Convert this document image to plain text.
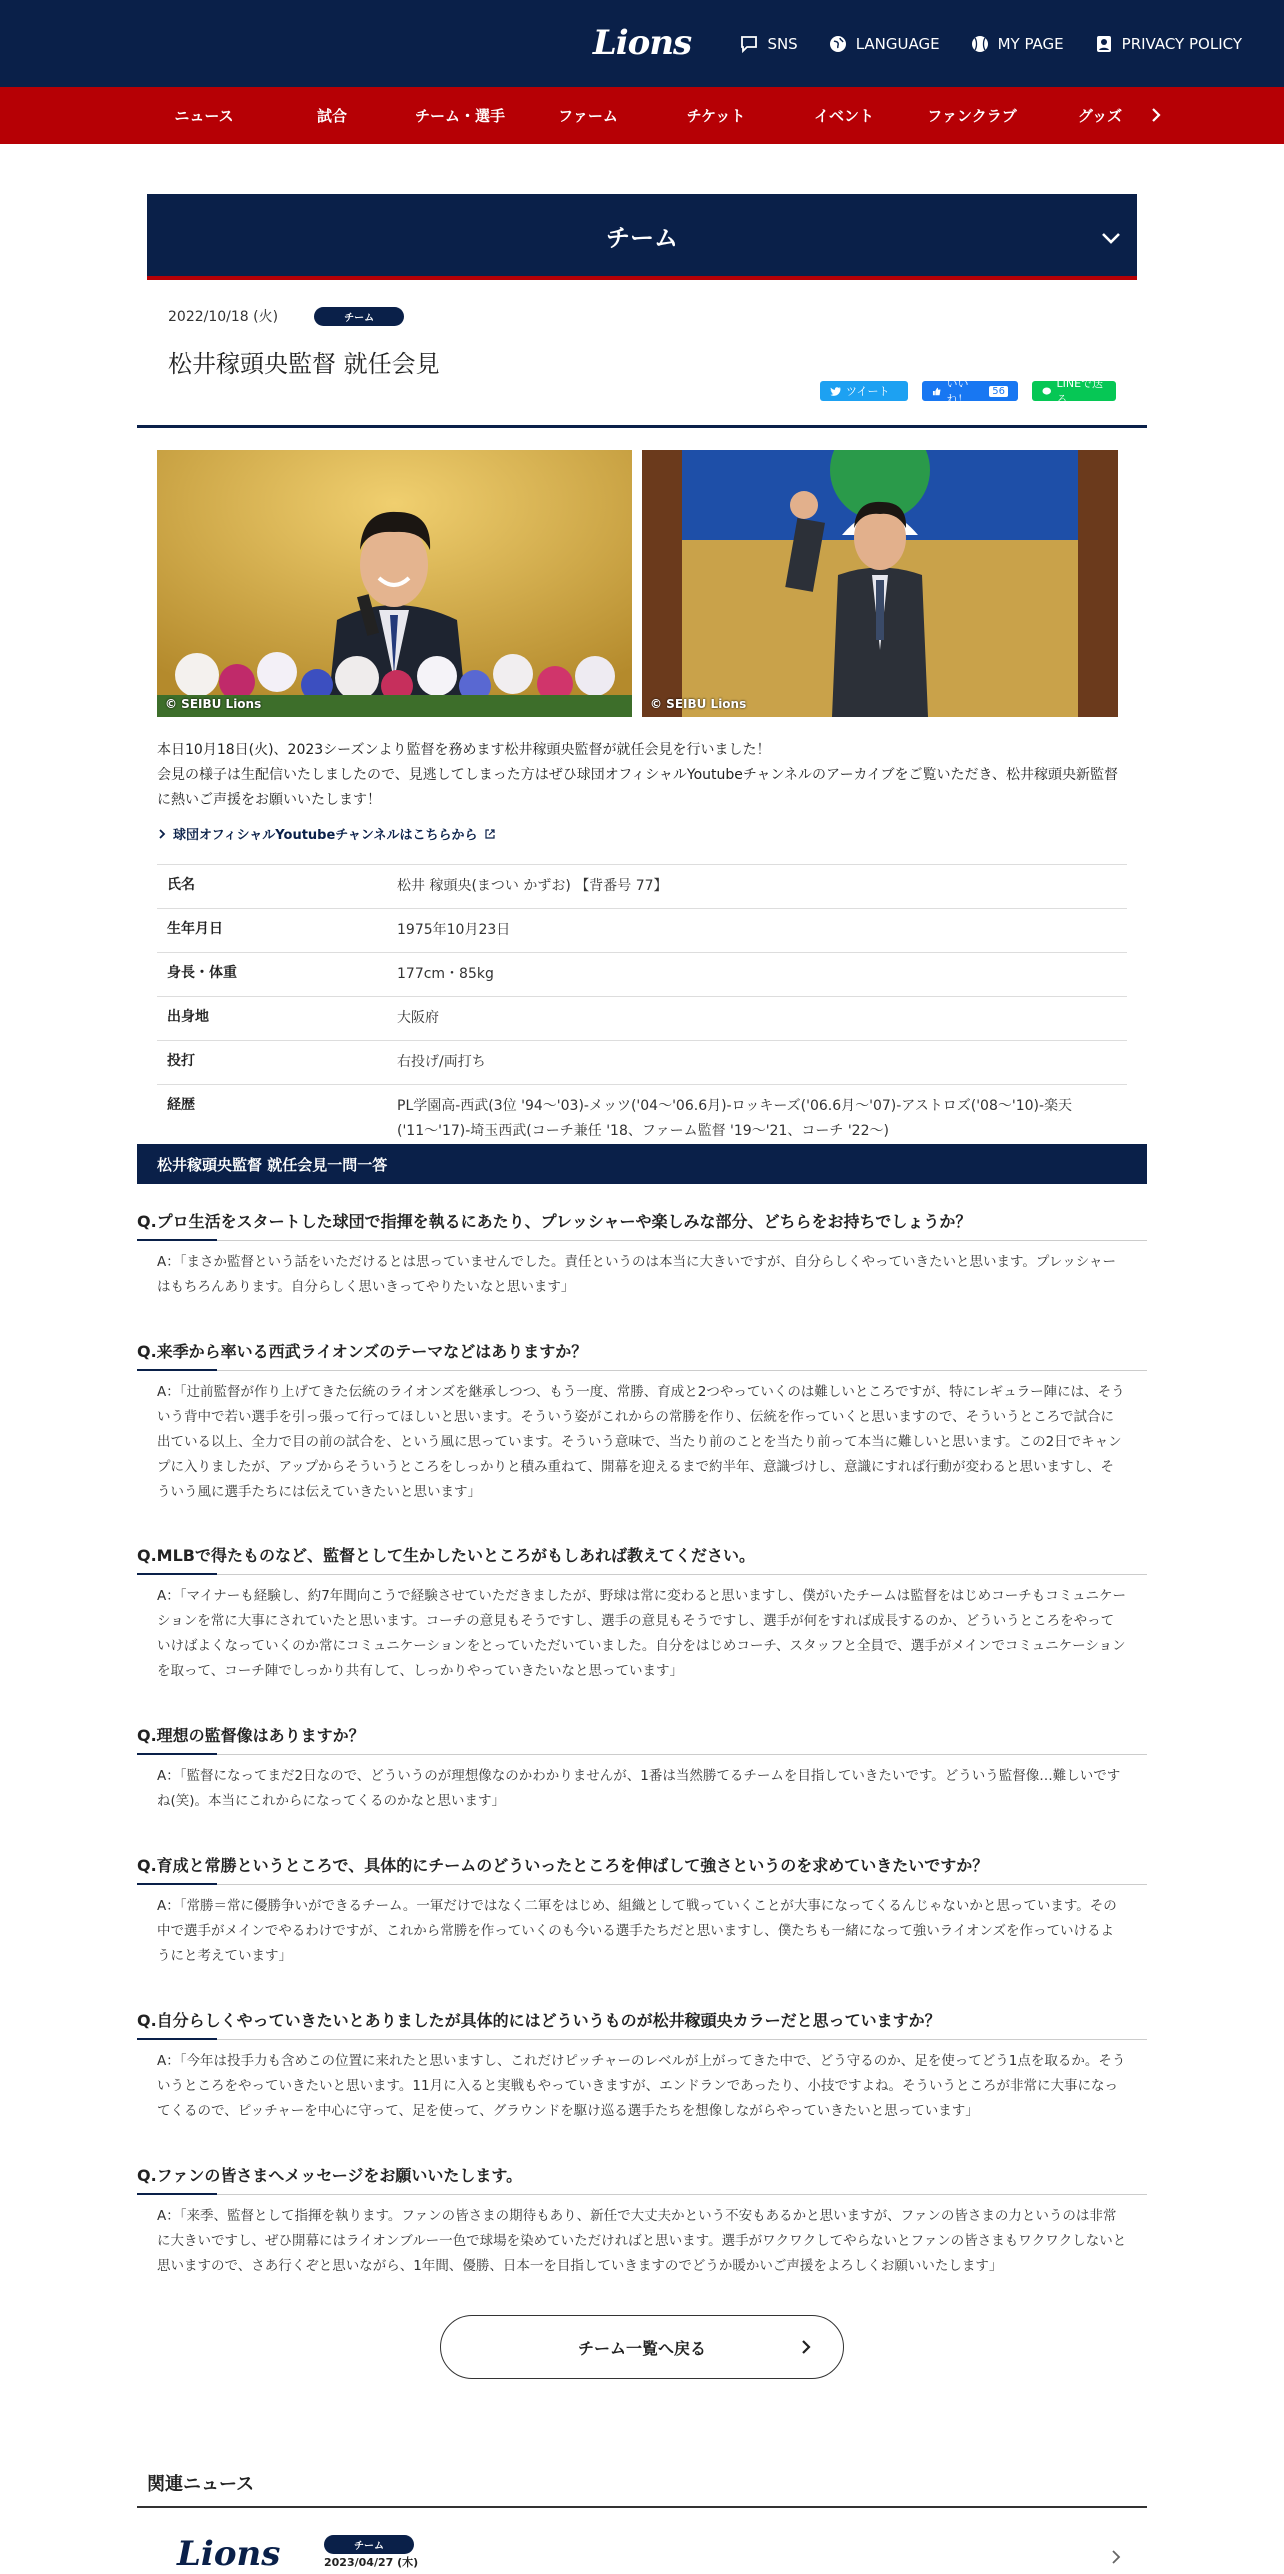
Lions	SNS	LANGUAGE	MY PAGE	PRIVACY POLICY
ニュース	試合	チーム・選手	ファーム	チケット	イベント	ファンクラブ	グッズ
チーム
2022/10/18 (火)	チーム
松井稼頭央監督 就任会見
ツイート
いいね！
56
LINEで送る
© SEIBU Lions	© SEIBU Lions

本日10月18日(火)、2023シーズンより監督を務めます松井稼頭央監督が就任会見を行いました！

会見の様子は生配信いたしましたので、見逃してしまった方はぜひ球団オフィシャルYoutubeチャンネルのアーカイブをご覧いただき、松井稼頭央新監督に熱いご声援をお願いいたします！

球団オフィシャルYoutubeチャンネルはこちらから
氏名	松井 稼頭央(まつい かずお) 【背番号 77】
生年月日	1975年10月23日
身長・体重	177cm・85kg
出身地	大阪府
投打	右投げ/両打ち
経歴	PL学園高-西武(3位 '94〜'03)-メッツ('04〜'06.6月)-ロッキーズ('06.6月〜'07)-アストロズ('08〜'10)-楽天('11〜'17)-埼玉西武(コーチ兼任 '18、ファーム監督 '19〜'21、コーチ '22〜)
松井稼頭央監督 就任会見一問一答
Q.プロ生活をスタートした球団で指揮を執るにあたり、プレッシャーや楽しみな部分、どちらをお持ちでしょうか？
A：「まさか監督という話をいただけるとは思っていませんでした。責任というのは本当に大きいですが、自分らしくやっていきたいと思います。プレッシャーはもちろんあります。自分らしく思いきってやりたいなと思います」
Q.来季から率いる西武ライオンズのテーマなどはありますか？
A：「辻前監督が作り上げてきた伝統のライオンズを継承しつつ、もう一度、常勝、育成と2つやっていくのは難しいところですが、特にレギュラー陣には、そういう背中で若い選手を引っ張って行ってほしいと思います。そういう姿がこれからの常勝を作り、伝統を作っていくと思いますので、そういうところで試合に出ている以上、全力で目の前の試合を、という風に思っています。そういう意味で、当たり前のことを当たり前って本当に難しいと思います。この2日でキャンプに入りましたが、アップからそういうところをしっかりと積み重ねて、開幕を迎えるまで約半年、意識づけし、意識にすれば行動が変わると思いますし、そういう風に選手たちには伝えていきたいと思います」
Q.MLBで得たものなど、監督として生かしたいところがもしあれば教えてください。
A：「マイナーも経験し、約7年間向こうで経験させていただきましたが、野球は常に変わると思いますし、僕がいたチームは監督をはじめコーチもコミュニケーションを常に大事にされていたと思います。コーチの意見もそうですし、選手の意見もそうですし、選手が何をすれば成長するのか、どういうところをやっていけばよくなっていくのか常にコミュニケーションをとっていただいていました。自分をはじめコーチ、スタッフと全員で、選手がメインでコミュニケーションを取って、コーチ陣でしっかり共有して、しっかりやっていきたいなと思っています」
Q.理想の監督像はありますか？
A：「監督になってまだ2日なので、どういうのが理想像なのかわかりませんが、1番は当然勝てるチームを目指していきたいです。どういう監督像…難しいですね(笑)。本当にこれからになってくるのかなと思います」
Q.育成と常勝というところで、具体的にチームのどういったところを伸ばして強さというのを求めていきたいですか？
A：「常勝＝常に優勝争いができるチーム。一軍だけではなく二軍をはじめ、組織として戦っていくことが大事になってくるんじゃないかと思っています。その中で選手がメインでやるわけですが、これから常勝を作っていくのも今いる選手たちだと思いますし、僕たちも一緒になって強いライオンズを作っていけるようにと考えています」
Q.自分らしくやっていきたいとありましたが具体的にはどういうものが松井稼頭央カラーだと思っていますか？
A：「今年は投手力も含めこの位置に来れたと思いますし、これだけピッチャーのレベルが上がってきた中で、どう守るのか、足を使ってどう1点を取るか。そういうところをやっていきたいと思います。11月に入ると実戦もやっていきますが、エンドランであったり、小技ですよね。そういうところが非常に大事になってくるので、ピッチャーを中心に守って、足を使って、グラウンドを駆け巡る選手たちを想像しながらやっていきたいと思っています」
Q.ファンの皆さまへメッセージをお願いいたします。
A：「来季、監督として指揮を執ります。ファンの皆さまの期待もあり、新任で大丈夫かという不安もあるかと思いますが、ファンの皆さまの力というのは非常に大きいですし、ぜひ開幕にはライオンブルー一色で球場を染めていただければと思います。選手がワクワクしてやらないとファンの皆さまもワクワクしないと思いますので、さあ行くぞと思いながら、1年間、優勝、日本一を目指していきますのでどうか暖かいご声援をよろしくお願いいたします」
チーム一覧へ戻る
関連ニュース
Lions	チーム
2023/04/27 (木)
